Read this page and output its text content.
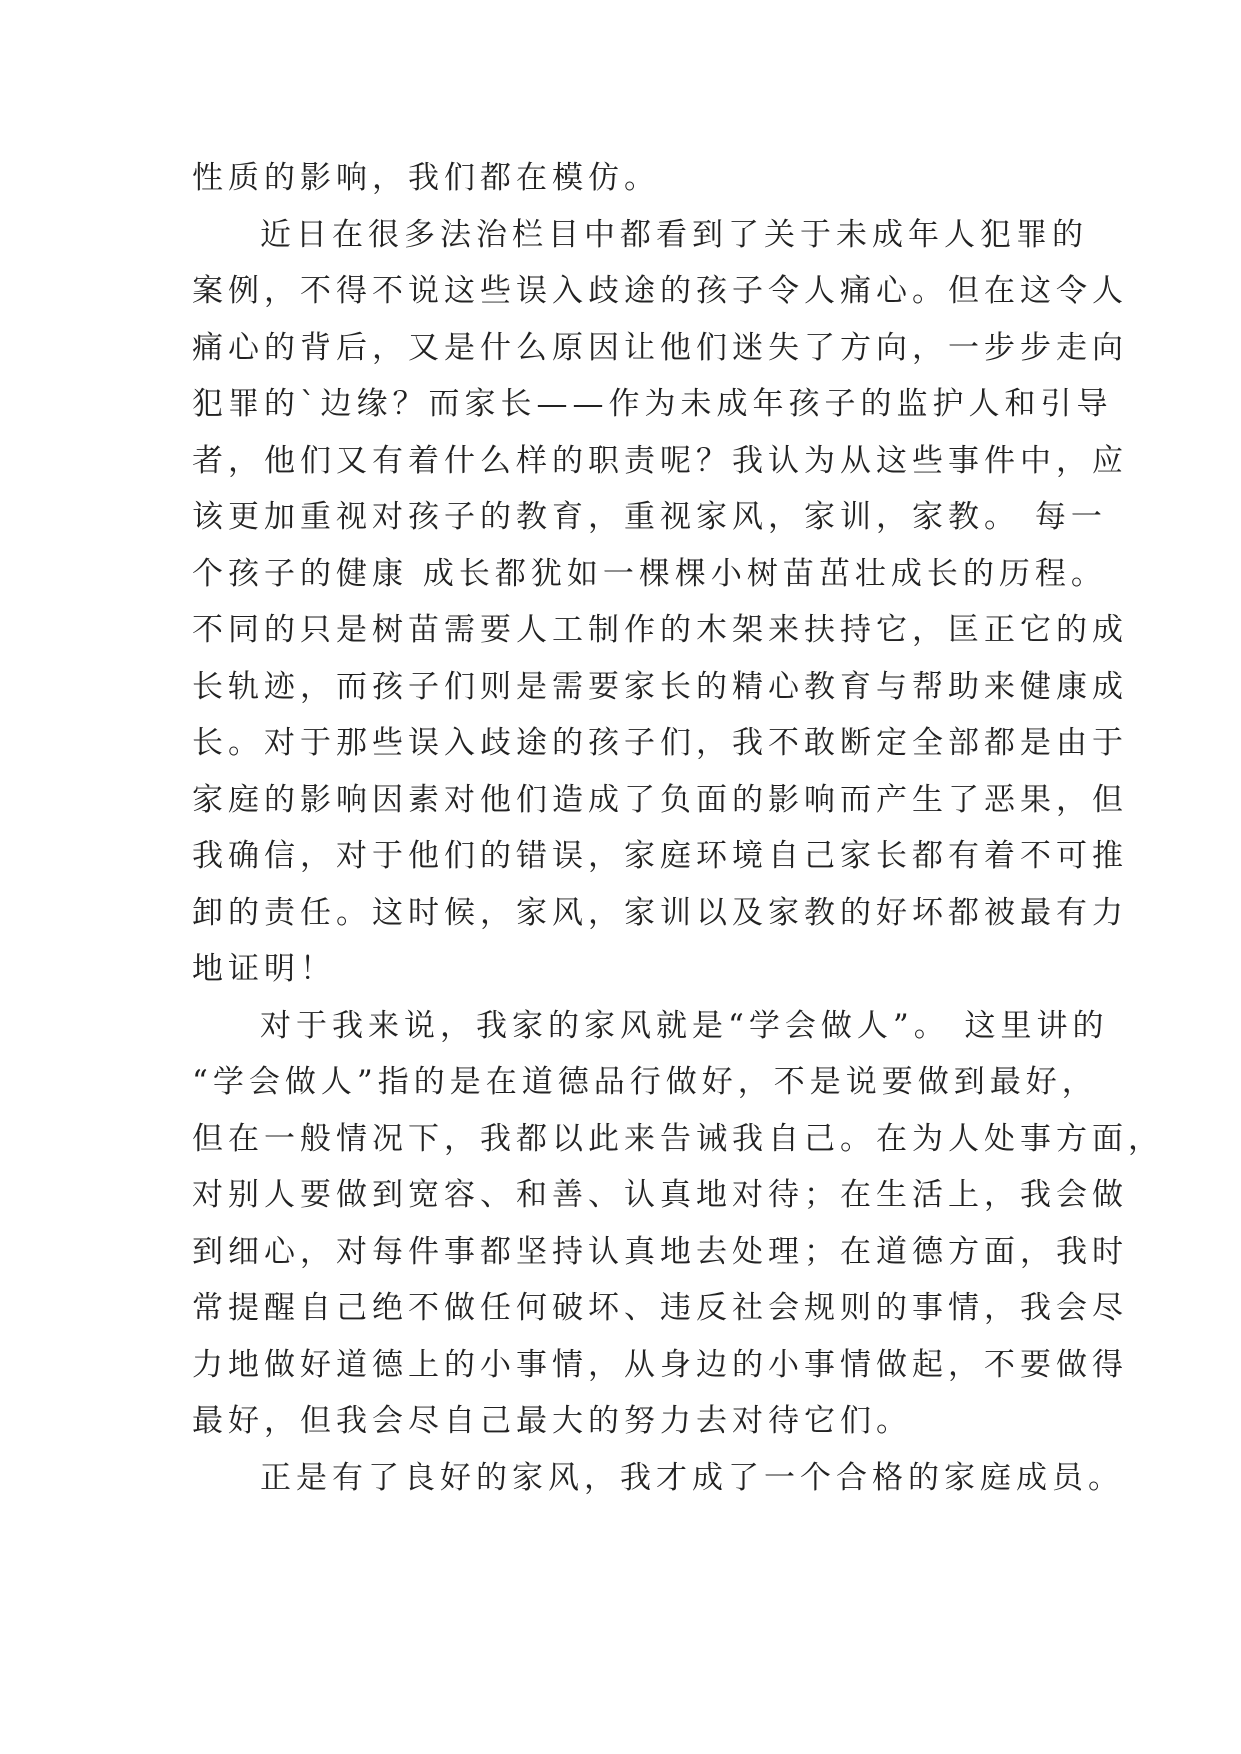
性质的影响，我们都在模仿。
近日在很多法治栏目中都看到了关于未成年人犯罪的
案例，不得不说这些误入歧途的孩子令人痛心。但在这令人
痛心的背后，又是什么原因让他们迷失了方向，一步步走向
犯罪的`边缘？而家长——作为未成年孩子的监护人和引导
者，他们又有着什么样的职责呢？我认为从这些事件中，应
该更加重视对孩子的教育，重视家风，家训，家教。 每一
个孩子的健康 成长都犹如一棵棵小树苗茁壮成长的历程。
不同的只是树苗需要人工制作的木架来扶持它，匡正它的成
长轨迹，而孩子们则是需要家长的精心教育与帮助来健康成
长。对于那些误入歧途的孩子们，我不敢断定全部都是由于
家庭的影响因素对他们造成了负面的影响而产生了恶果，但
我确信，对于他们的错误，家庭环境自己家长都有着不可推
卸的责任。这时候，家风，家训以及家教的好坏都被最有力
地证明！
对于我来说，我家的家风就是“学会做人”。 这里讲的
“学会做人”指的是在道德品行做好，不是说要做到最好，
但在一般情况下，我都以此来告诫我自己。在为人处事方面，
对别人要做到宽容、和善、认真地对待；在生活上，我会做
到细心，对每件事都坚持认真地去处理；在道德方面，我时
常提醒自己绝不做任何破坏、违反社会规则的事情，我会尽
力地做好道德上的小事情，从身边的小事情做起，不要做得
最好，但我会尽自己最大的努力去对待它们。
正是有了良好的家风，我才成了一个合格的家庭成员。
